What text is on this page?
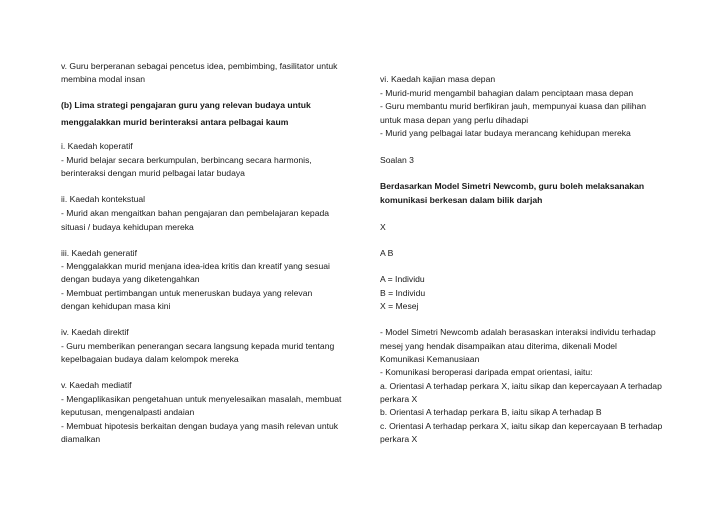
v. Guru berperanan sebagai pencetus idea, pembimbing, fasilitator untuk
membina modal insan
(b) Lima strategi pengajaran guru yang relevan budaya untuk
menggalakkan murid berinteraksi antara pelbagai kaum
i. Kaedah koperatif
- Murid belajar secara berkumpulan, berbincang secara harmonis,
berinteraksi dengan murid pelbagai latar budaya
ii. Kaedah kontekstual
- Murid akan mengaitkan bahan pengajaran dan pembelajaran kepada
situasi / budaya kehidupan mereka
iii. Kaedah generatif
- Menggalakkan murid menjana idea-idea kritis dan kreatif yang sesuai
dengan budaya yang diketengahkan
- Membuat pertimbangan untuk meneruskan budaya yang relevan
dengan kehidupan masa kini
iv. Kaedah direktif
- Guru memberikan penerangan secara langsung kepada murid tentang
kepelbagaian budaya dalam kelompok mereka
v. Kaedah mediatif
- Mengaplikasikan pengetahuan untuk menyelesaikan masalah, membuat
keputusan, mengenalpasti andaian
- Membuat hipotesis berkaitan dengan budaya yang masih relevan untuk
diamalkan
vi. Kaedah kajian masa depan
- Murid-murid mengambil bahagian dalam penciptaan masa depan
- Guru membantu murid berfikiran jauh, mempunyai kuasa dan pilihan
untuk masa depan yang perlu dihadapi
- Murid yang pelbagai latar budaya merancang kehidupan mereka
Soalan 3
Berdasarkan Model Simetri Newcomb, guru boleh melaksanakan
komunikasi berkesan dalam bilik darjah
X
A B
A = Individu
B = Individu
X = Mesej
- Model Simetri Newcomb adalah berasaskan interaksi individu terhadap
mesej yang hendak disampaikan atau diterima, dikenali Model
Komunikasi Kemanusiaan
- Komunikasi beroperasi daripada empat orientasi, iaitu:
a. Orientasi A terhadap perkara X, iaitu sikap dan kepercayaan A terhadap
perkara X
b. Orientasi A terhadap perkara B, iaitu sikap A terhadap B
c. Orientasi A terhadap perkara X, iaitu sikap dan kepercayaan B terhadap
perkara X
